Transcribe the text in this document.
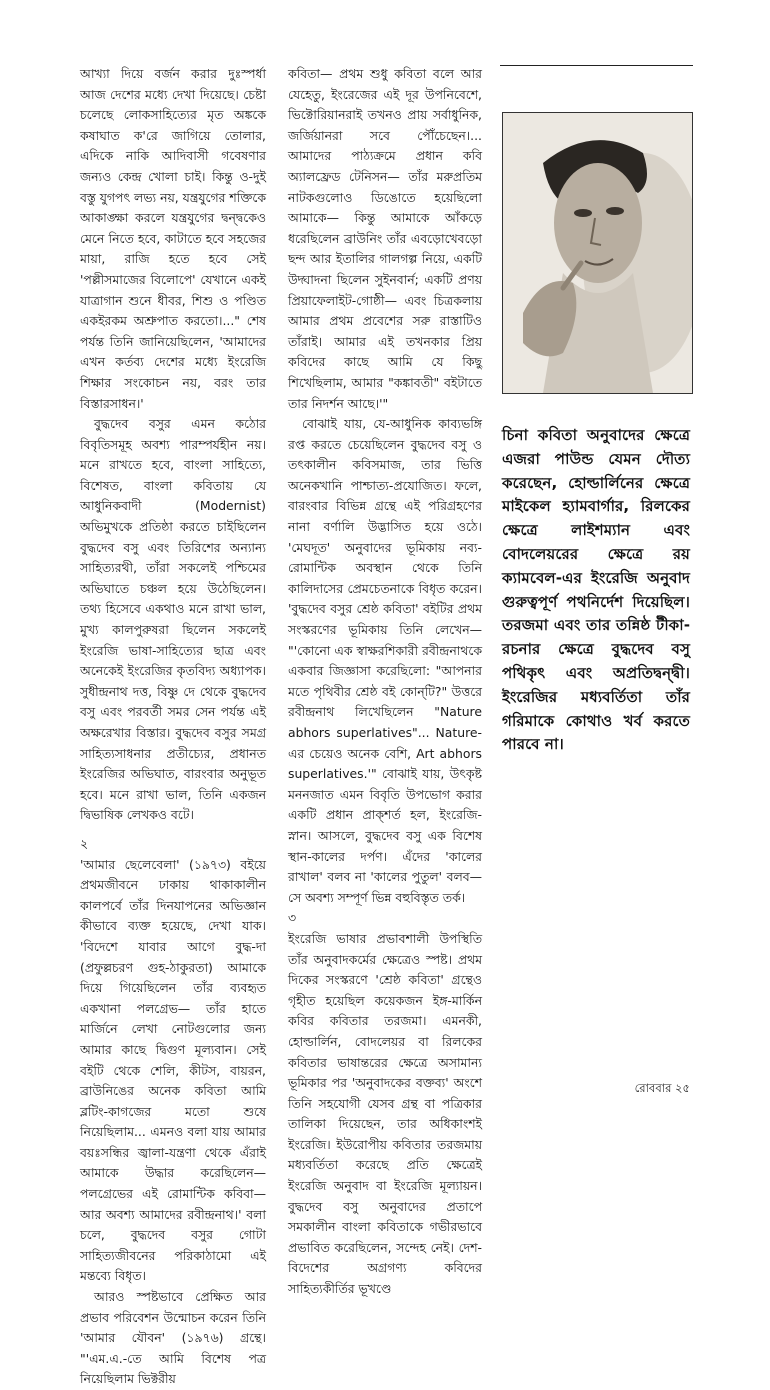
আখ্যা দিয়ে বর্জন করার দুঃস্পর্ধা আজ দেশের মধ্যে দেখা দিয়েছে। চেষ্টা চলেছে লোকসাহিত্যের মৃত অঙ্ককে কষাঘাত ক'রে জাগিয়ে তোলার, এদিকে নাকি আদিবাসী গবেষণার জন্যও কেন্দ্র খোলা চাই। কিন্তু ও-দুই বস্তু যুগপৎ লভ্য নয়, যন্ত্রযুগের শক্তিকে আকাঙ্ক্ষা করলে যন্ত্রযুগের দ্বন্দ্বকেও মেনে নিতে হবে, কাটাতে হবে সহজের মায়া, রাজি হতে হবে সেই 'পল্লীসমাজের বিলোপে' যেখানে একই যাত্রাগান শুনে ধীবর, শিশু ও পণ্ডিত একইরকম অশ্রুপাত করতো।..." শেষ পর্যন্ত তিনি জানিয়েছিলেন, 'আমাদের এখন কর্তব্য দেশের মধ্যে ইংরেজি শিক্ষার সংকোচন নয়, বরং তার বিস্তারসাধন।'

বুদ্ধদেব বসুর এমন কঠোর বিবৃতিসমূহ অবশ্য পারম্পর্যহীন নয়। মনে রাখতে হবে, বাংলা সাহিত্যে, বিশেষত, বাংলা কবিতায় যে আধুনিকবাদী (Modernist) অভিমুখকে প্রতিষ্ঠা করতে চাইছিলেন বুদ্ধদেব বসু এবং তিরিশের অন্যান্য সাহিত্যরথী, তাঁরা সকলেই পশ্চিমের অভিঘাতে চঞ্চল হয়ে উঠেছিলেন। তথ্য হিসেবে একথাও মনে রাখা ভাল, মুখ্য কালপুরুষরা ছিলেন সকলেই ইংরেজি ভাষা-সাহিত্যের ছাত্র এবং অনেকেই ইংরেজির কৃতবিদ্য অধ্যাপক। সুধীন্দ্রনাথ দত্ত, বিষ্ণু দে থেকে বুদ্ধদেব বসু এবং পরবর্তী সমর সেন পর্যন্ত এই অক্ষরেখার বিস্তার। বুদ্ধদেব বসুর সমগ্র সাহিত্যসাধনার প্রতীচ্যের, প্রধানত ইংরেজির অভিঘাত, বারংবার অনুভূত হবে। মনে রাখা ভাল, তিনি একজন দ্বিভাষিক লেখকও বটে।

২

'আমার ছেলেবেলা' (১৯৭৩) বইয়ে প্রথমজীবনে ঢাকায় থাকাকালীন কালপর্বে তাঁর দিনযাপনের অভিজ্ঞান কীভাবে ব্যক্ত হয়েছে, দেখা যাক। 'বিদেশে যাবার আগে বুদ্ধ-দা (প্রফুল্লচরণ গুহ-ঠাকুরতা) আমাকে দিয়ে গিয়েছিলেন তাঁর ব্যবহৃত একখানা পলগ্রেভ— তাঁর হাতে মার্জিনে লেখা নোটগুলোর জন্য আমার কাছে দ্বিগুণ মূল্যবান। সেই বইটি থেকে শেলি, কীটস, বায়রন, ব্রাউনিঙের অনেক কবিতা আমি ব্লটিং-কাগজের মতো শুষে নিয়েছিলাম... এমনও বলা যায় আমার বয়ঃসন্ধির জ্বালা-যন্ত্রণা থেকে এঁরাই আমাকে উদ্ধার করেছিলেন— পলগ্রেভের এই রোমান্টিক কবিবা— আর অবশ্য আমাদের রবীন্দ্রনাথ।' বলা চলে, বুদ্ধদেব বসুর গোটা সাহিত্যজীবনের পরিকাঠামো এই মন্তব্যে বিধৃত।

আরও স্পষ্টভাবে প্রেক্ষিত আর প্রভাব পরিবেশন উন্মোচন করেন তিনি 'আমার যৌবন' (১৯৭৬) গ্রন্থে। "'এম.এ.-তে আমি বিশেষ পত্র নিয়েছিলাম ভিক্টরীয়

কবিতা— প্রথম শুধু কবিতা বলে আর যেহেতু, ইংরেজের এই দূর উপনিবেশে, ভিক্টোরিয়ানরাই তখনও প্রায় সর্বাধুনিক, জর্জিয়ানরা সবে পৌঁচেছেন।... আমাদের পাঠ্যক্রমে প্রধান কবি অ্যালফ্রেড টেনিসন— তাঁর মরুপ্রতিম নাটকগুলোও ডিঙোতে হয়েছিলো আমাকে— কিন্তু আমাকে আঁকড়ে ধরেছিলেন ব্রাউনিং তাঁর এবড়োখেবড়ো ছন্দ আর ইতালির গালগল্প নিয়ে, একটি উদ্ঘাদনা ছিলেন সুইনবার্ন; একটি প্রণয় প্রিয়াফেলাইট-গোষ্ঠী— এবং চিত্রকলায় আমার প্রথম প্রবেশের সরু রাস্তাটিও তাঁরাই। আমার এই তখনকার প্রিয় কবিদের কাছে আমি যে কিছু শিখেছিলাম, আমার "কঙ্কাবতী" বইটাতে তার নিদর্শন আছে।'"

বোঝাই যায়, যে-আধুনিক কাব্যভঙ্গি রপ্ত করতে চেয়েছিলেন বুদ্ধদেব বসু ও তৎকালীন কবিসমাজ, তার ভিত্তি অনেকখানি পাশ্চাত্য-প্রযোজিত। ফলে, বারংবার বিভিন্ন গ্রন্থে এই পরিগ্রহণের নানা বর্ণালি উদ্ভাসিত হয়ে ওঠে। 'মেঘদূত' অনুবাদের ভূমিকায় নব্য-রোমান্টিক অবস্থান থেকে তিনি কালিদাসের প্রেমচেতনাকে বিধৃত করেন। 'বুদ্ধদেব বসুর শ্রেষ্ঠ কবিতা' বইটির প্রথম সংস্করণের ভূমিকায় তিনি লেখেন— "'কোনো এক স্বাক্ষরশিকারী রবীন্দ্রনাথকে একবার জিজ্ঞাসা করেছিলো: "আপনার মতে পৃথিবীর শ্রেষ্ঠ বই কোন্‌টি?" উত্তরে রবীন্দ্রনাথ লিখেছিলেন "Nature abhors superlatives"... Nature-এর চেয়েও অনেক বেশি, Art abhors superlatives.'" বোঝাই যায়, উৎকৃষ্ট মননজাত এমন বিবৃতি উপভোগ করার একটি প্রধান প্রাক্‌শর্ত হল, ইংরেজি-স্নান। আসলে, বুদ্ধদেব বসু এক বিশেষ স্থান-কালের দর্পণ। এঁদের 'কালের রাখাল' বলব না 'কালের পুতুল' বলব— সে অবশ্য সম্পূর্ণ ভিন্ন বহুবিস্তৃত তর্ক।

৩

ইংরেজি ভাষার প্রভাবশালী উপস্থিতি তাঁর অনুবাদকর্মের ক্ষেত্রেও স্পষ্ট। প্রথম দিকের সংস্করণে 'শ্রেষ্ঠ কবিতা' গ্রন্থেও গৃহীত হয়েছিল কয়েকজন ইঙ্গ-মার্কিন কবির কবিতার তরজমা। এমনকী, হোল্ডার্লিন, বোদলেয়র বা রিলকের কবিতার ভাষান্তরের ক্ষেত্রে অসামান্য ভূমিকার পর 'অনুবাদকের বক্তব্য' অংশে তিনি সহযোগী যেসব গ্রন্থ বা পত্রিকার তালিকা দিয়েছেন, তার অধিকাংশই ইংরেজি। ইউরোপীয় কবিতার তরজমায় মধ্যবর্তিতা করেছে প্রতি ক্ষেত্রেই ইংরেজি অনুবাদ বা ইংরেজি মূল্যায়ন। বুদ্ধদেব বসু অনুবাদের প্রতাপে সমকালীন বাংলা কবিতাকে গভীরভাবে প্রভাবিত করেছিলেন, সন্দেহ নেই। দেশ-বিদেশের অগ্রগণ্য কবিদের সাহিত্যকীর্তির ভূখণ্ডে

চিনা কবিতা অনুবাদের ক্ষেত্রে এজরা পাউন্ড যেমন দৌত্য করেছেন, হোল্ডার্লিনের ক্ষেত্রে মাইকেল হ্যামবার্গার, রিলকের ক্ষেত্রে লাইশম্যান এবং বোদলেয়রের ক্ষেত্রে রয় ক্যামবেল-এর ইংরেজি অনুবাদ গুরুত্বপূর্ণ পথনির্দেশ দিয়েছিল। তরজমা এবং তার তন্নিষ্ঠ টীকা-রচনার ক্ষেত্রে বুদ্ধদেব বসু পথিকৃৎ এবং অপ্রতিদ্বন্দ্বী। ইংরেজির মধ্যবর্তিতা তাঁর গরিমাকে কোথাও খর্ব করতে পারবে না।
রোববার ২৫
